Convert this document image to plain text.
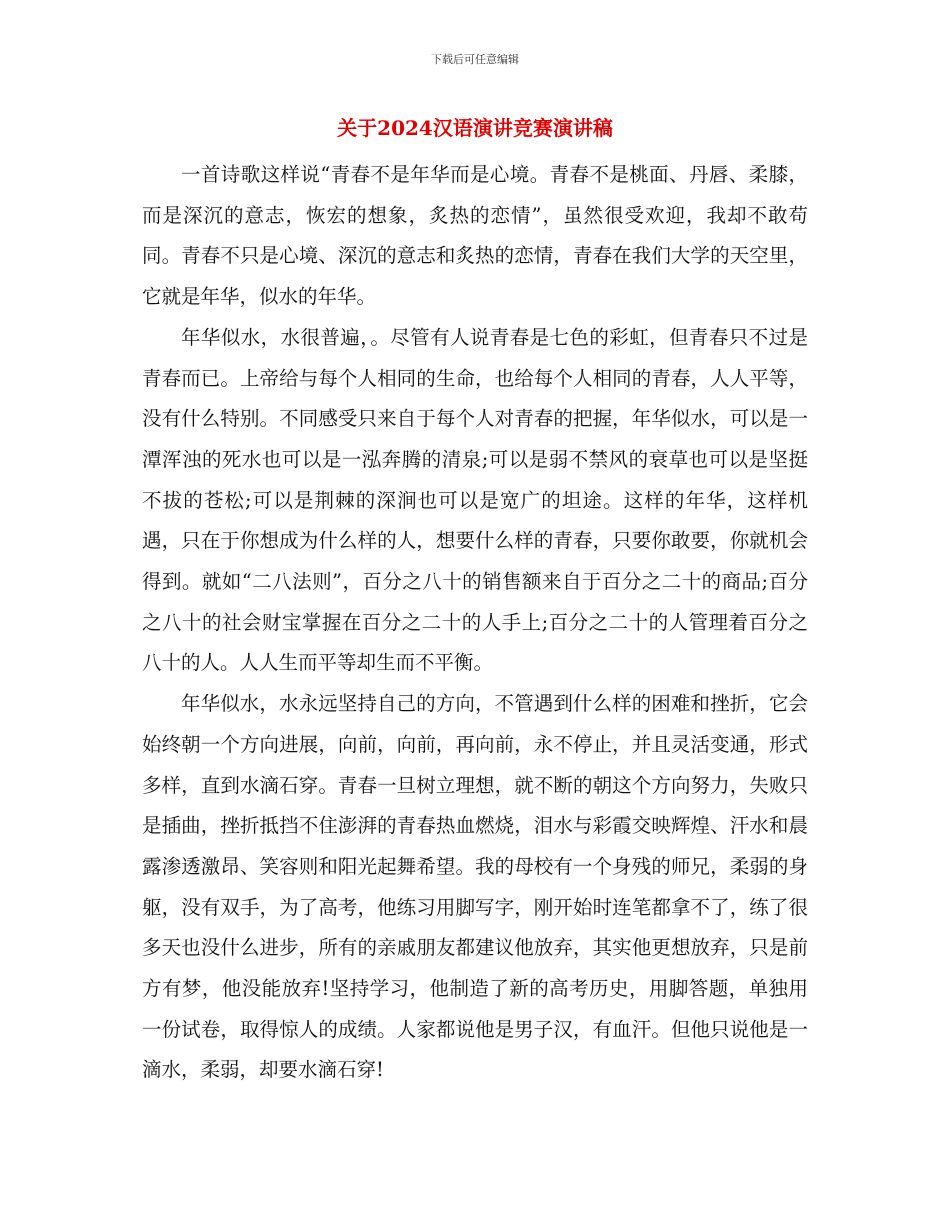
下载后可任意编辑
关于2024汉语演讲竞赛演讲稿

一首诗歌这样说“青春不是年华而是心境。青春不是桃面、丹唇、柔膝，而是深沉的意志，恢宏的想象，炙热的恋情”，虽然很受欢迎，我却不敢苟同。青春不只是心境、深沉的意志和炙热的恋情，青春在我们大学的天空里，它就是年华，似水的年华。

年华似水，水很普遍，。尽管有人说青春是七色的彩虹，但青春只不过是青春而已。上帝给与每个人相同的生命，也给每个人相同的青春，人人平等，没有什么特别。不同感受只来自于每个人对青春的把握，年华似水，可以是一潭浑浊的死水也可以是一泓奔腾的清泉;可以是弱不禁风的衰草也可以是坚挺不拔的苍松;可以是荆棘的深涧也可以是宽广的坦途。这样的年华，这样机遇，只在于你想成为什么样的人，想要什么样的青春，只要你敢要，你就机会得到。就如“二八法则”，百分之八十的销售额来自于百分之二十的商品;百分之八十的社会财宝掌握在百分之二十的人手上;百分之二十的人管理着百分之八十的人。人人生而平等却生而不平衡。

年华似水，水永远坚持自己的方向，不管遇到什么样的困难和挫折，它会始终朝一个方向进展，向前，向前，再向前，永不停止，并且灵活变通，形式多样，直到水滴石穿。青春一旦树立理想，就不断的朝这个方向努力，失败只是插曲，挫折抵挡不住澎湃的青春热血燃烧，泪水与彩霞交映辉煌、汗水和晨露渗透激昂、笑容则和阳光起舞希望。我的母校有一个身残的师兄，柔弱的身躯，没有双手，为了高考，他练习用脚写字，刚开始时连笔都拿不了，练了很多天也没什么进步，所有的亲戚朋友都建议他放弃，其实他更想放弃，只是前方有梦，他没能放弃!坚持学习，他制造了新的高考历史，用脚答题，单独用一份试卷，取得惊人的成绩。人家都说他是男子汉，有血汗。但他只说他是一滴水，柔弱，却要水滴石穿!
